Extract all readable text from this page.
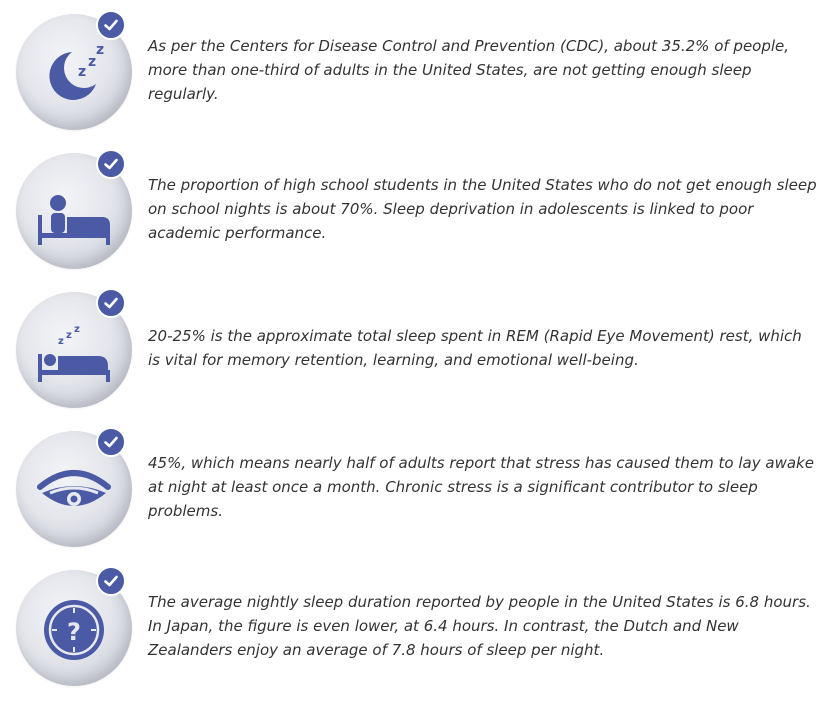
z
z
z	As per the Centers for Disease Control and Prevention (CDC), about 35.2% of people, more than one-third of adults in the United States, are not getting enough sleep regularly.

The proportion of high school students in the United States who do not get enough sleep on school nights is about 70%. Sleep deprivation in adolescents is linked to poor academic performance.

z
z
z	20-25% is the approximate total sleep spent in REM (Rapid Eye Movement) rest, which is vital for memory retention, learning, and emotional well-being.

45%, which means nearly half of adults report that stress has caused them to lay awake at night at least once a month. Chronic stress is a significant contributor to sleep problems.

?

The average nightly sleep duration reported by people in the United States is 6.8 hours. In Japan, the figure is even lower, at 6.4 hours. In contrast, the Dutch and New Zealanders enjoy an average of 7.8 hours of sleep per night.
